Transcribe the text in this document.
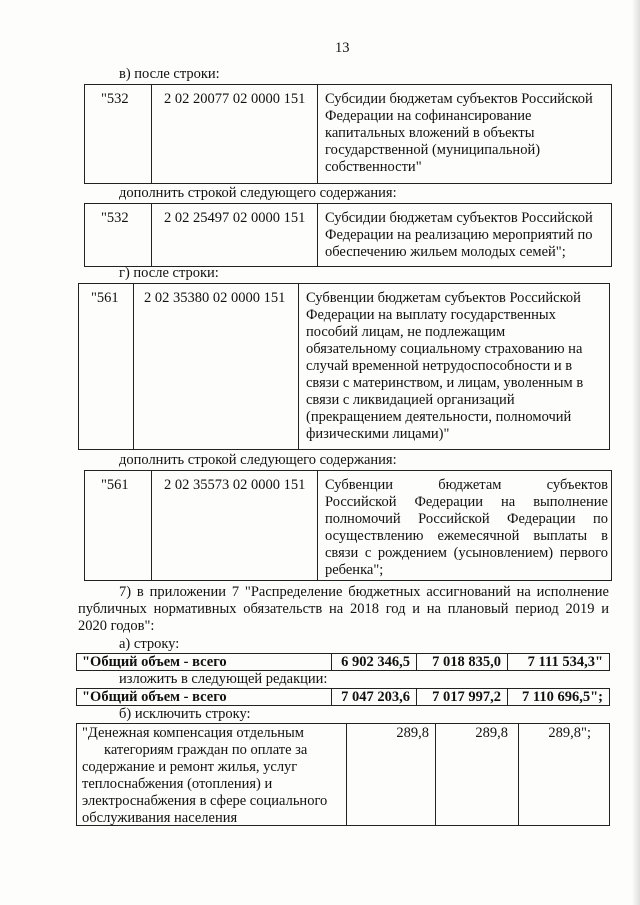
13
в) после строки:
"532 2 02 20077 02 0000 151 Субсидии бюджетам субъектов Российской
Федерации на софинансирование
капитальных вложений в объекты
государственной (муниципальной)
собственности"
дополнить строкой следующего содержания:
"532 2 02 25497 02 0000 151 Субсидии бюджетам субъектов Российской
Федерации на реализацию мероприятий по
обеспечению жильем молодых семей";
г) после строки:
"561 2 02 35380 02 0000 151 Субвенции бюджетам субъектов Российской
Федерации на выплату государственных
пособий лицам, не подлежащим
обязательному социальному страхованию на
случай временной нетрудоспособности и в
связи с материнством, и лицам, уволенным в
связи с ликвидацией организаций
(прекращением деятельности, полномочий
физическими лицами)"
дополнить строкой следующего содержания:
"561 2 02 35573 02 0000 151 Субвенции бюджетам субъектов
Российской Федерации на выполнение
полномочий Российской Федерации по
осуществлению ежемесячной выплаты в
связи с рождением (усыновлением) первого
ребенка";
7) в приложении 7 "Распределение бюджетных ассигнований на исполнение
публичных нормативных обязательств на 2018 год и на плановый период 2019 и
2020 годов":
а) строку:
"Общий объем - всего	6 902 346,5 7 018 835,0 7 111 534,3"
изложить в следующей редакции:
"Общий объем - всего	7 047 203,6 7 017 997,2 7 110 696,5";
б) исключить строку:
"Денежная компенсация отдельным
категориям граждан по оплате за
содержание и ремонт жилья, услуг
теплоснабжения (отопления) и
электроснабжения в сфере социального
обслуживания населения
289,8	289,8	289,8";
